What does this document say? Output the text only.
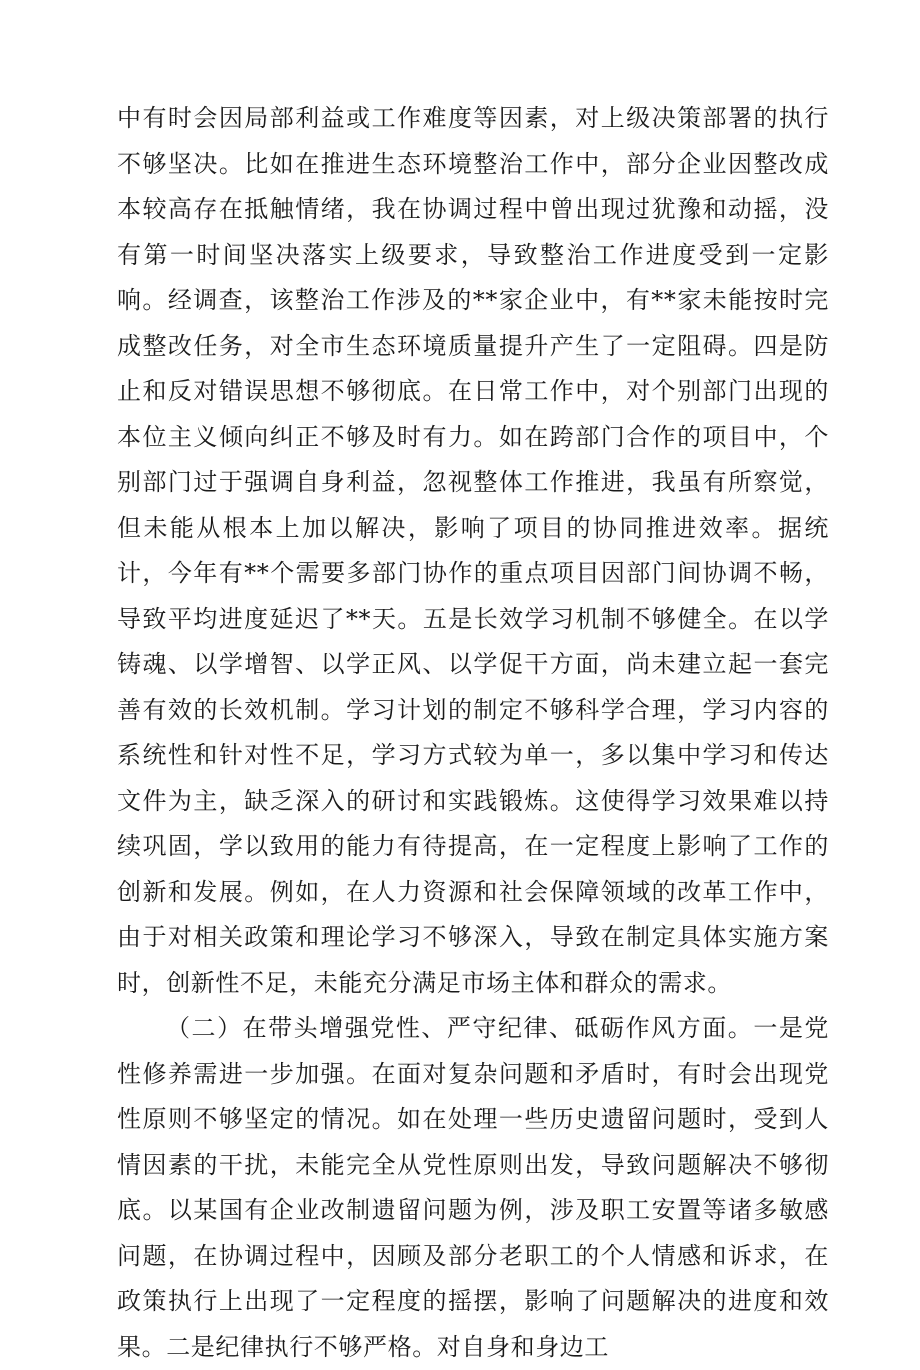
中有时会因局部利益或工作难度等因素，对上级决策部署的执行不够坚决。比如在推进生态环境整治工作中，部分企业因整改成本较高存在抵触情绪，我在协调过程中曾出现过犹豫和动摇，没有第一时间坚决落实上级要求，导致整治工作进度受到一定影响。经调查，该整治工作涉及的**家企业中，有**家未能按时完成整改任务，对全市生态环境质量提升产生了一定阻碍。四是防止和反对错误思想不够彻底。在日常工作中，对个别部门出现的本位主义倾向纠正不够及时有力。如在跨部门合作的项目中，个别部门过于强调自身利益，忽视整体工作推进，我虽有所察觉，但未能从根本上加以解决，影响了项目的协同推进效率。据统计，今年有**个需要多部门协作的重点项目因部门间协调不畅，导致平均进度延迟了**天。五是长效学习机制不够健全。在以学铸魂、以学增智、以学正风、以学促干方面，尚未建立起一套完善有效的长效机制。学习计划的制定不够科学合理，学习内容的系统性和针对性不足，学习方式较为单一，多以集中学习和传达文件为主，缺乏深入的研讨和实践锻炼。这使得学习效果难以持续巩固，学以致用的能力有待提高，在一定程度上影响了工作的创新和发展。例如，在人力资源和社会保障领域的改革工作中，由于对相关政策和理论学习不够深入，导致在制定具体实施方案时，创新性不足，未能充分满足市场主体和群众的需求。

（二）在带头增强党性、严守纪律、砥砺作风方面。一是党性修养需进一步加强。在面对复杂问题和矛盾时，有时会出现党性原则不够坚定的情况。如在处理一些历史遗留问题时，受到人情因素的干扰，未能完全从党性原则出发，导致问题解决不够彻底。以某国有企业改制遗留问题为例，涉及职工安置等诸多敏感问题，在协调过程中，因顾及部分老职工的个人情感和诉求，在政策执行上出现了一定程度的摇摆，影响了问题解决的进度和效果。二是纪律执行不够严格。对自身和身边工
